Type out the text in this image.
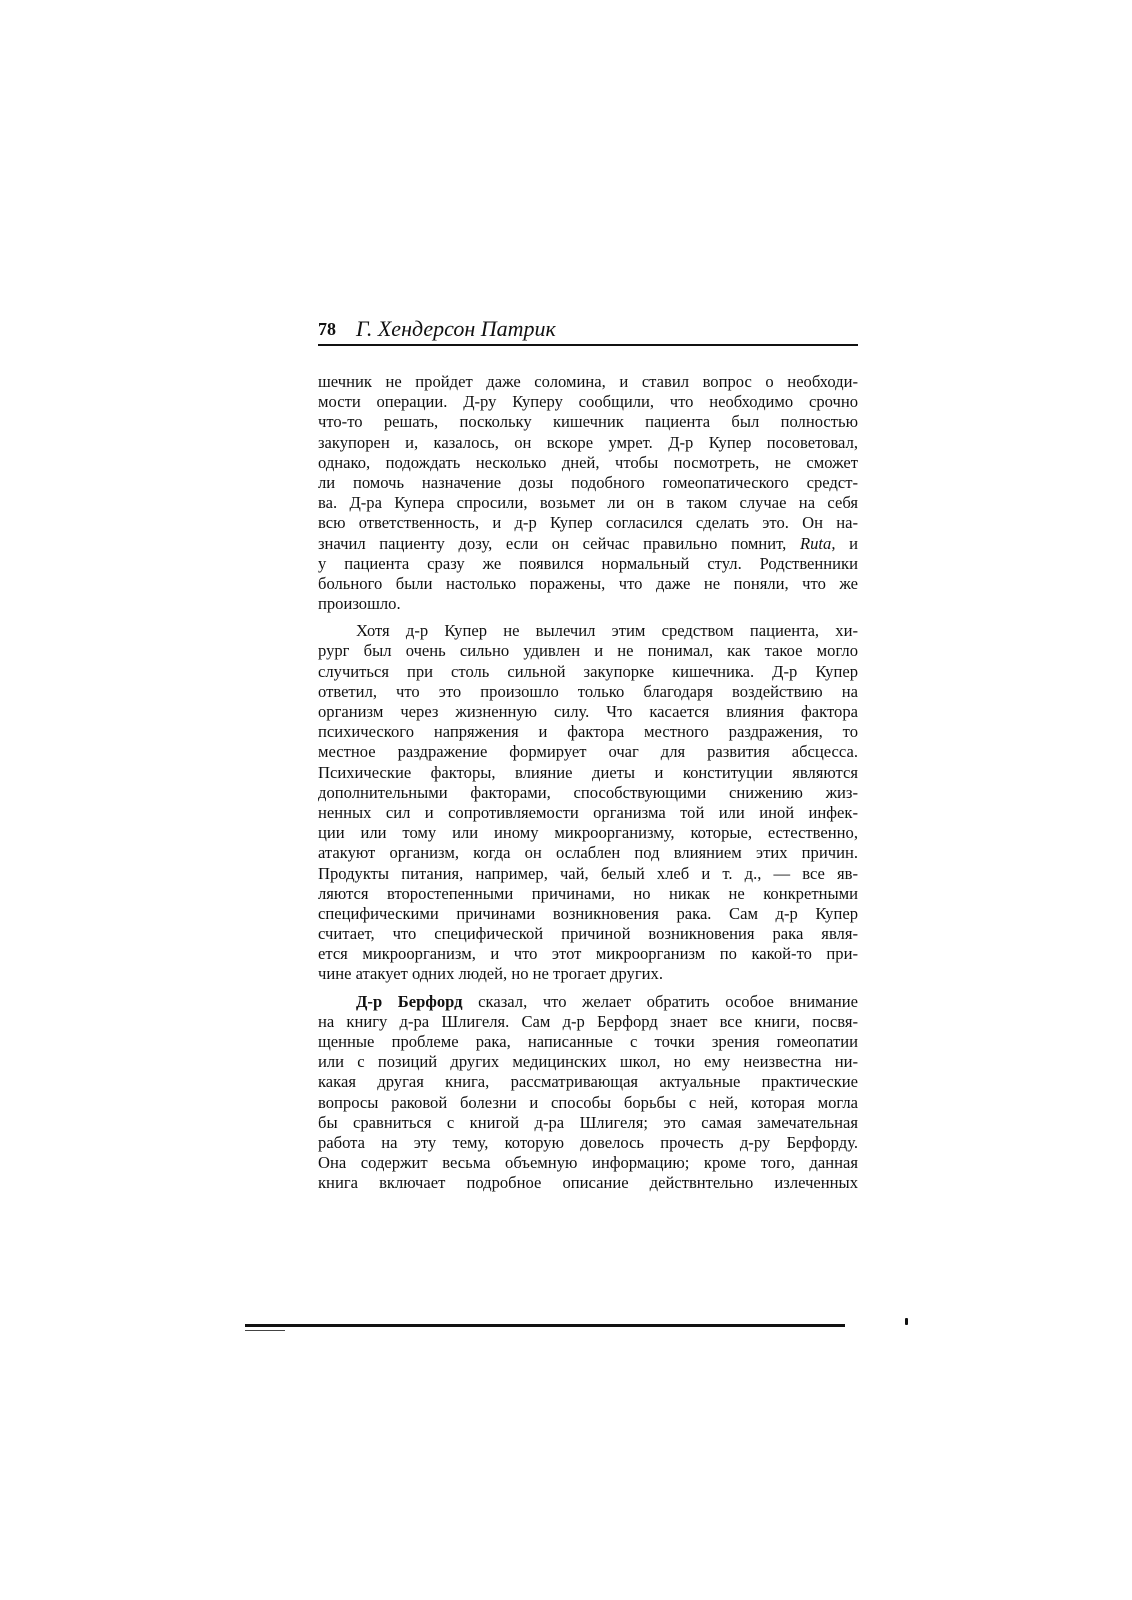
78 Г. Хендерсон Патрик
шечник не пройдет даже соломина, и ставил вопрос о необходи-
мости операции. Д-ру Куперу сообщили, что необходимо срочно
что-то решать, поскольку кишечник пациента был полностью
закупорен и, казалось, он вскоре умрет. Д-р Купер посоветовал,
однако, подождать несколько дней, чтобы посмотреть, не сможет
ли помочь назначение дозы подобного гомеопатического средст-
ва. Д-ра Купера спросили, возьмет ли он в таком случае на себя
всю ответственность, и д-р Купер согласился сделать это. Он на-
значил пациенту дозу, если он сейчас правильно помнит, Ruta, и
у пациента сразу же появился нормальный стул. Родственники
больного были настолько поражены, что даже не поняли, что же
произошло.
Хотя д-р Купер не вылечил этим средством пациента, хи-
рург был очень сильно удивлен и не понимал, как такое могло
случиться при столь сильной закупорке кишечника. Д-р Купер
ответил, что это произошло только благодаря воздействию на
организм через жизненную силу. Что касается влияния фактора
психического напряжения и фактора местного раздражения, то
местное раздражение формирует очаг для развития абсцесса.
Психические факторы, влияние диеты и конституции являются
дополнительными факторами, способствующими снижению жиз-
ненных сил и сопротивляемости организма той или иной инфек-
ции или тому или иному микроорганизму, которые, естественно,
атакуют организм, когда он ослаблен под влиянием этих причин.
Продукты питания, например, чай, белый хлеб и т. д., — все яв-
ляются второстепенными причинами, но никак не конкретными
специфическими причинами возникновения рака. Сам д-р Купер
считает, что специфической причиной возникновения рака явля-
ется микроорганизм, и что этот микроорганизм по какой-то при-
чине атакует одних людей, но не трогает других.
Д-р Берфорд сказал, что желает обратить особое внимание
на книгу д-ра Шлигеля. Сам д-р Берфорд знает все книги, посвя-
щенные проблеме рака, написанные с точки зрения гомеопатии
или с позиций других медицинских школ, но ему неизвестна ни-
какая другая книга, рассматривающая актуальные практические
вопросы раковой болезни и способы борьбы с ней, которая могла
бы сравниться с книгой д-ра Шлигеля; это самая замечательная
работа на эту тему, которую довелось прочесть д-ру Берфорду.
Она содержит весьма объемную информацию; кроме того, данная
книга включает подробное описание действнтельно излеченных
